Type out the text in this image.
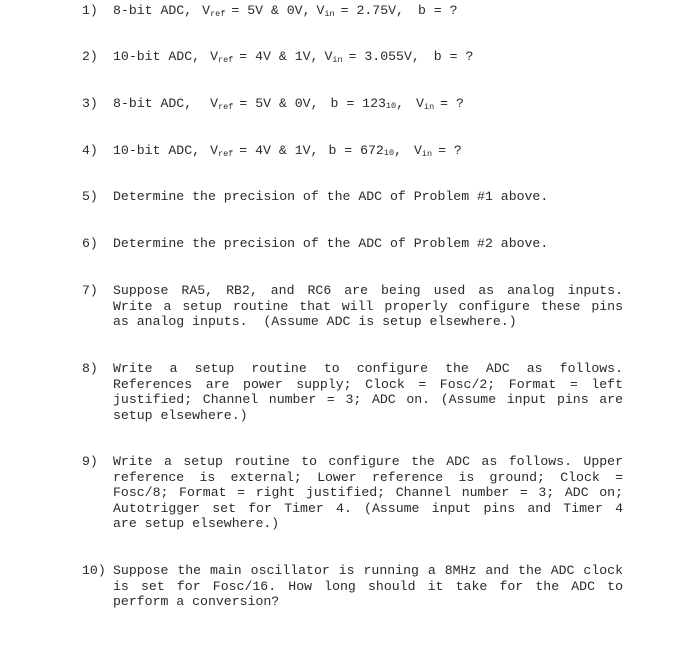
1) 8-bit ADC, $V_{ref} = 5V$ & 0V, $V_{in} = 2.75V$, b = ?
2) 10-bit ADC, $V_{ref} = 4V$ & 1V, $V_{in} = 3.055V$, b = ?
3) 8-bit ADC, $V_{ref} = 5V$ & 0V, b = 12310, $V_{in}$ = ?
4) 10-bit ADC, $V_{ref} = 4V$ & 1V, b = 67210, $V_{in}$ = ?
5) Determine the precision of the ADC of Problem #1 above.
6) Determine the precision of the ADC of Problem #2 above.
7) Suppose RA5, RB2, and RC6 are being used as analog inputs.
Write a setup routine that will properly configure these pins
as analog inputs.  (Assume ADC is setup elsewhere.)
8) Write a setup routine to configure the ADC as follows.
References are power supply; Clock = Fosc/2; Format = left
justified; Channel number = 3; ADC on. (Assume input pins are
setup elsewhere.)
9) Write a setup routine to configure the ADC as follows. Upper
reference is external; Lower reference is ground; Clock =
Fosc/8; Format = right justified; Channel number = 3; ADC on;
Autotrigger set for Timer 4. (Assume input pins and Timer 4
are setup elsewhere.)
10) Suppose the main oscillator is running a 8MHz and the ADC clock
is set for Fosc/16. How long should it take for the ADC to
perform a conversion?
